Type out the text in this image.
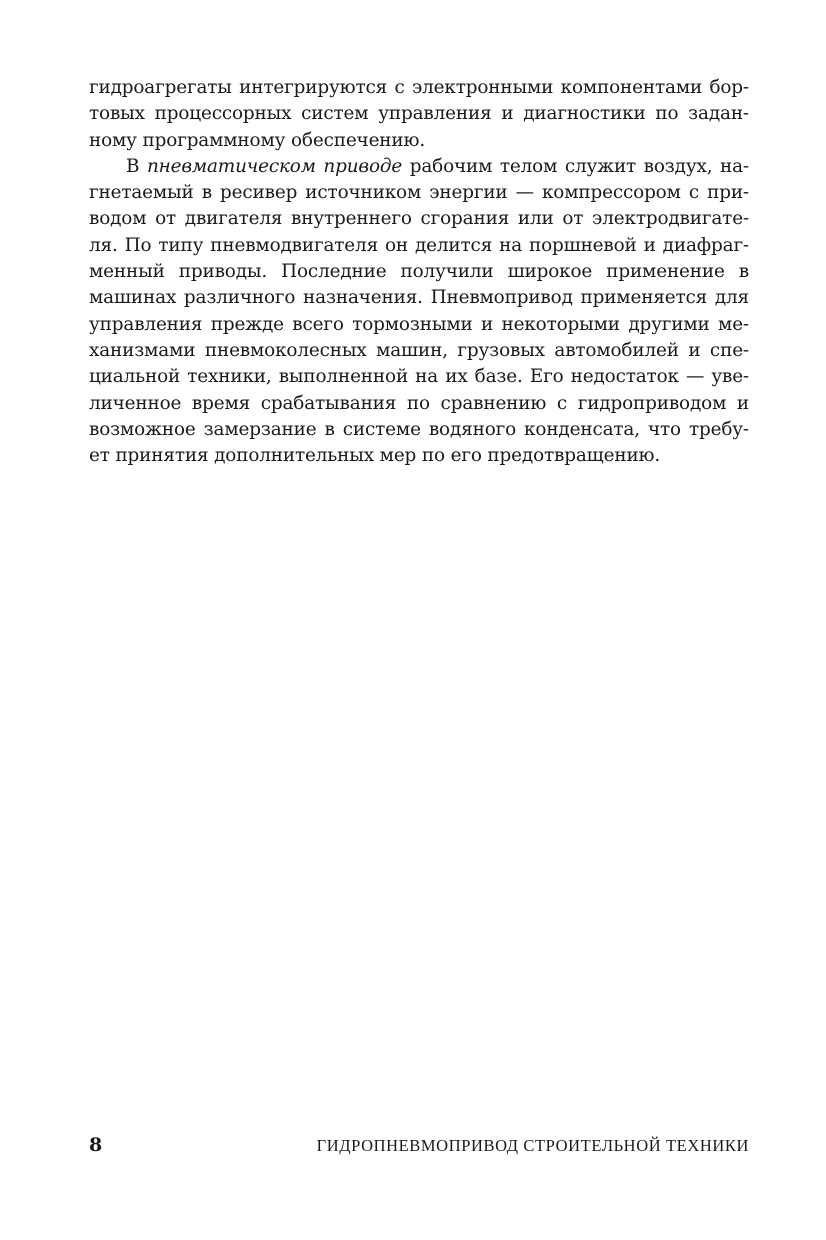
гидроагрегаты интегрируются с электронными компонентами бор-
товых процессорных систем управления и диагностики по задан-
ному программному обеспечению.
В пневматическом приводе рабочим телом служит воздух, на-
гнетаемый в ресивер источником энергии — компрессором с при-
водом от двигателя внутреннего сгорания или от электродвигате-
ля. По типу пневмодвигателя он делится на поршневой и диафраг-
менный приводы. Последние получили широкое применение в
машинах различного назначения. Пневмопривод применяется для
управления прежде всего тормозными и некоторыми другими ме-
ханизмами пневмоколесных машин, грузовых автомобилей и спе-
циальной техники, выполненной на их базе. Его недостаток — уве-
личенное время срабатывания по сравнению с гидроприводом и
возможное замерзание в системе водяного конденсата, что требу-
ет принятия дополнительных мер по его предотвращению.
8	ГИДРОПНЕВМОПРИВОД СТРОИТЕЛЬНОЙ ТЕХНИКИ
